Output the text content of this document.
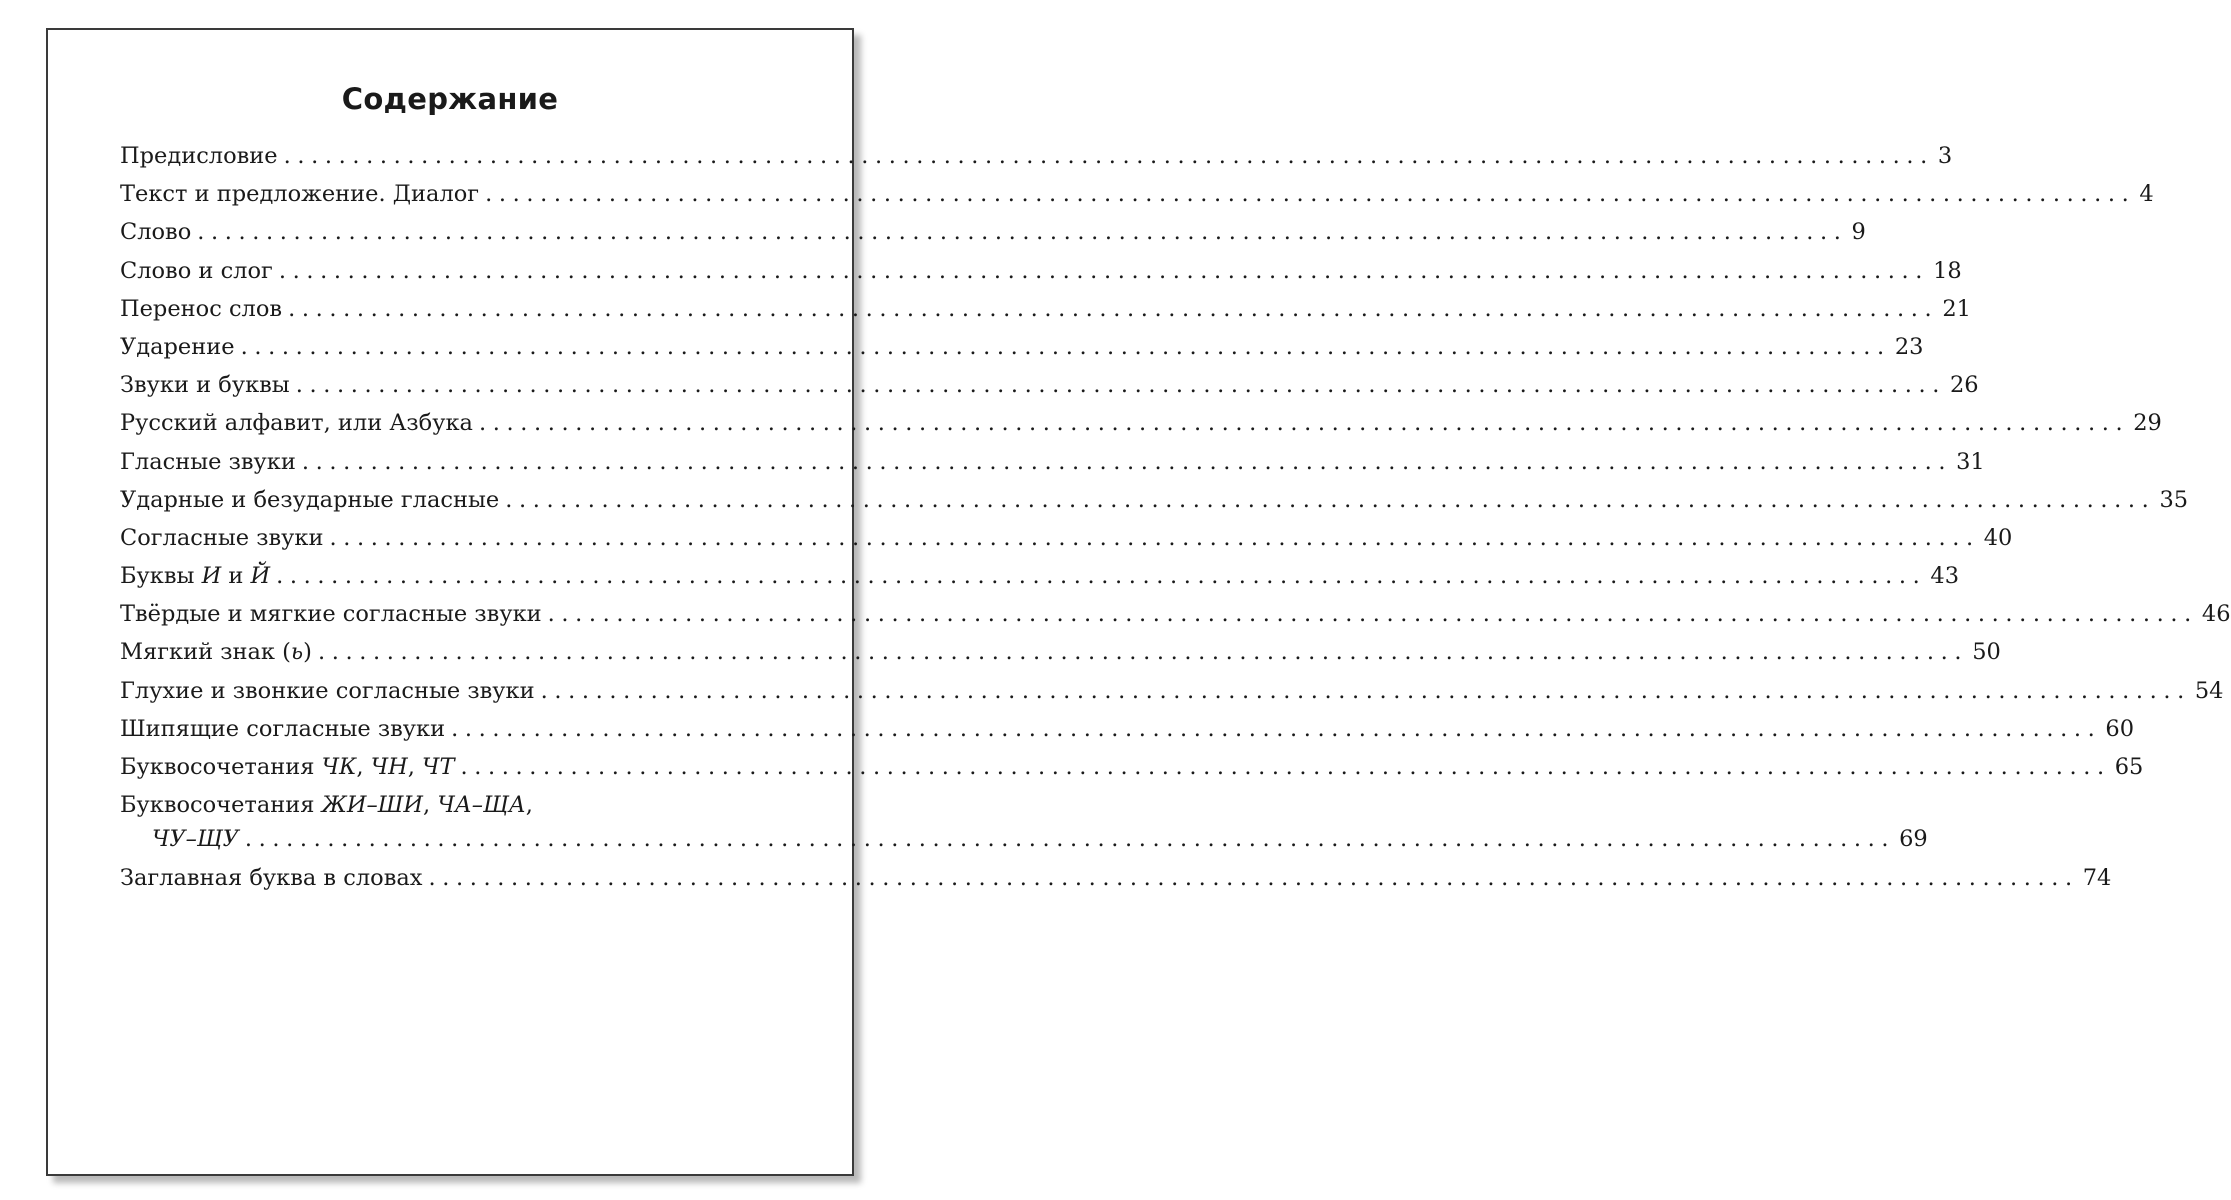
Содержание
Предисловие ........................................................................................................................ 3
Текст и предложение. Диалог ........................................................................................................................ 4
Слово ........................................................................................................................ 9
Слово и слог ........................................................................................................................ 18
Перенос слов ........................................................................................................................ 21
Ударение ........................................................................................................................ 23
Звуки и буквы ........................................................................................................................ 26
Русский алфавит, или Азбука ........................................................................................................................ 29
Гласные звуки ........................................................................................................................ 31
Ударные и безударные гласные ........................................................................................................................ 35
Согласные звуки ........................................................................................................................ 40
Буквы И и Й ........................................................................................................................ 43
Твёрдые и мягкие согласные звуки ........................................................................................................................ 46
Мягкий знак (ь) ........................................................................................................................ 50
Глухие и звонкие согласные звуки ........................................................................................................................ 54
Шипящие согласные звуки ........................................................................................................................ 60
Буквосочетания ЧК, ЧН, ЧТ ........................................................................................................................ 65
Буквосочетания ЖИ–ШИ, ЧА–ЩА,
ЧУ–ЩУ ........................................................................................................................ 69
Заглавная буква в словах ........................................................................................................................ 74
